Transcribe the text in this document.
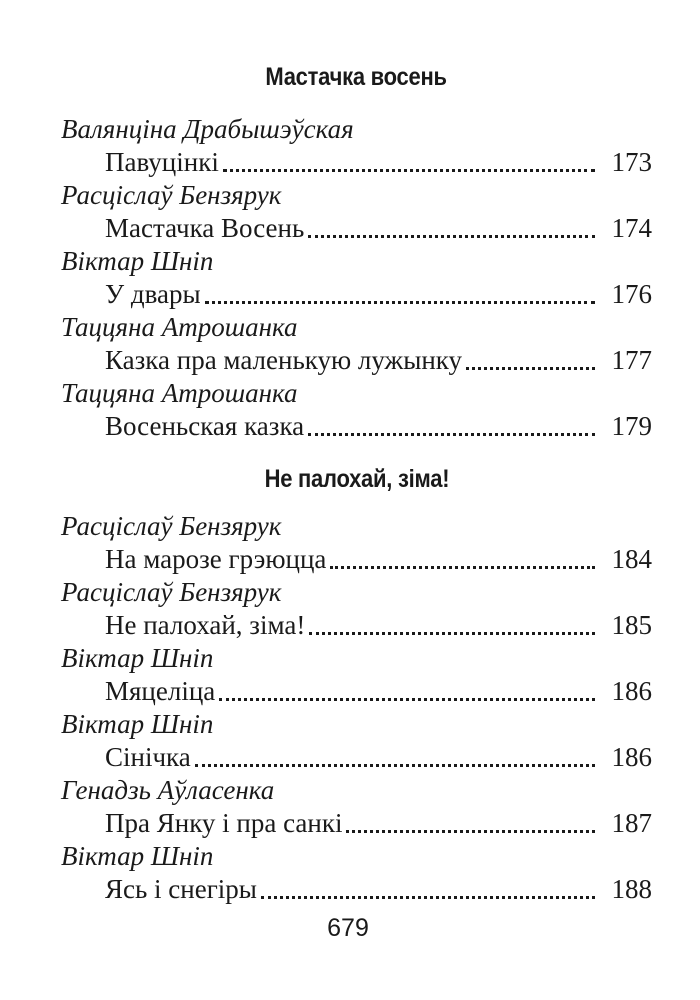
Мастачка восень
Валянціна Драбышэўская
Павуцінкі	173
Расціслаў Бензярук
Мастачка Восень	174
Віктар Шніп
У двары	176
Таццяна Атрошанка
Казка пра маленькую лужынку	177
Таццяна Атрошанка
Восеньская казка	179
Не палохай, зіма!
Расціслаў Бензярук
На марозе грэюцца	184
Расціслаў Бензярук
Не палохай, зіма!	185
Віктар Шніп
Мяцеліца	186
Віктар Шніп
Сінічка	186
Генадзь Аўласенка
Пра Янку і пра санкі	187
Віктар Шніп
Ясь і снегіры	188
679
